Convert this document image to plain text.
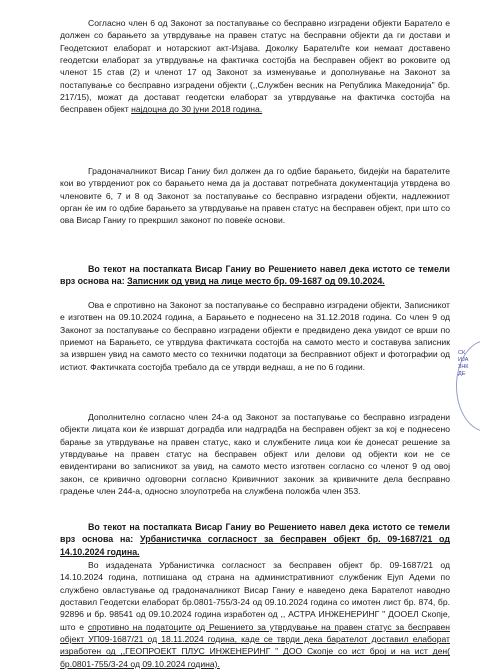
Согласно член 6 од Законот за постапување со бесправно изградени објекти Баратело е должен со барањето за утврдување на правен статус на бесправни објекти да ги достави и Геодетскиот елаборат и нотарскиот акт-Изјава. Доколку Баратели̂те кои немаат доставено геодетски елаборат за утврдување на фактичка состојба на бесправен објект во роковите од членот 15 став (2) и членот 17 од Законот за изменување и дополнување на Законот за постапување со бесправно изградени објекти (,,Службен весник на Република Македонија" бр. 217/15), можат да достават геодетски елаборат за утврдување на фактичка состојба на бесправен објект најдоцна до 30 јуни 2018 година.

Градоначалникот Висар Ганиу бил должен да го одбие барањето, бидејќи на барателите кои во утврдениот рок со барањето нема да ја достават потребната документација утврдена во членовите 6, 7 и 8 од Законот за постапување со бесправно изградени објекти, надлежниот орган ќе им го одбие барањето за утврдување на правен статус на бесправен објект, при што со ова Висар Ганиу го прекршил законот по повеќе основи.

Во текот на постапката Висар Ганиу во Решението навел дека истото се темели врз основа на: Записник од увид на лице место бр. 09-1687 од 09.10.2024.

Ова е спротивно на Законот за постапување со бесправно изградени објекти, Записникот е изготвен на 09.10.2024 година, а Барањето е поднесено на 31.12.2018 година. Со член 9 од Законот за постапување со бесправно изградени објекти е предвидено дека увидот се врши по приемот на Барањето, се утврдува фактичката состојба на самото место и составува записник за извршен увид на самото место со технички податоци за бесправниот објект и фотографии од истиот. Фактичката состојба требало да се утврди веднаш, а не по 6 години.

Дополнително согласно член 24-а од Законот за постапување со бесправно изградени објекти лицата кои ќе извршат доградба или надградба на бесправен објект за кој е поднесено барање за утврдување на правен статус, како и службените лица кои ќе донесат решение за утврдување на правен статус на бесправен објект или делови од објекти кои не се евидентирани во записникот за увид, на самото место изготвен согласно со членот 9 од овој закон, се кривично одговорни согласно Кривичниот законик за кривичните дела бесправно градење член 244-а, односно злоупотреба на службена положба член 353.

Во текот на постапката Висар Ганиу во Решението навел дека истото се темели врз основа на: Урбанистичка согласност за бесправен објект бр. 09-1687/21 од 14.10.2024 година.

Во издадената Урбанистичка согласност за бесправен објект бр. 09-1687/21 од 14.10.2024 година, потпишана од страна на административниот службеник Ејуп Адеми по службено овластување од градоначалникот Висар Ганиу е наведено дека Барателот наводно доставил Геодетски елаборат бр.0801-755/3-24 од 09.10.2024 година со имотен лист бр. 874, бр. 92896 и бр. 98541 од 09.10.2024 година изработен од ,, АСТРА ИНЖЕНЕРИНГ " ДООЕЛ Скопје, што е спротивно на податоците од Решението за утврдување на правен статус за бесправен објект УП09-1687/21 од 18.11.2024 година, каде се тврди дека барателот доставил елаборат изработен од ,,ГЕОПРОЕКТ ПЛУС ИНЖЕНЕРИНГ " ДОО Скопје со ист број и на ист ден( бр.0801-755/3-24 од 09.10.2024 година).

СК
ИЈА
ЗНК
ДЕ
